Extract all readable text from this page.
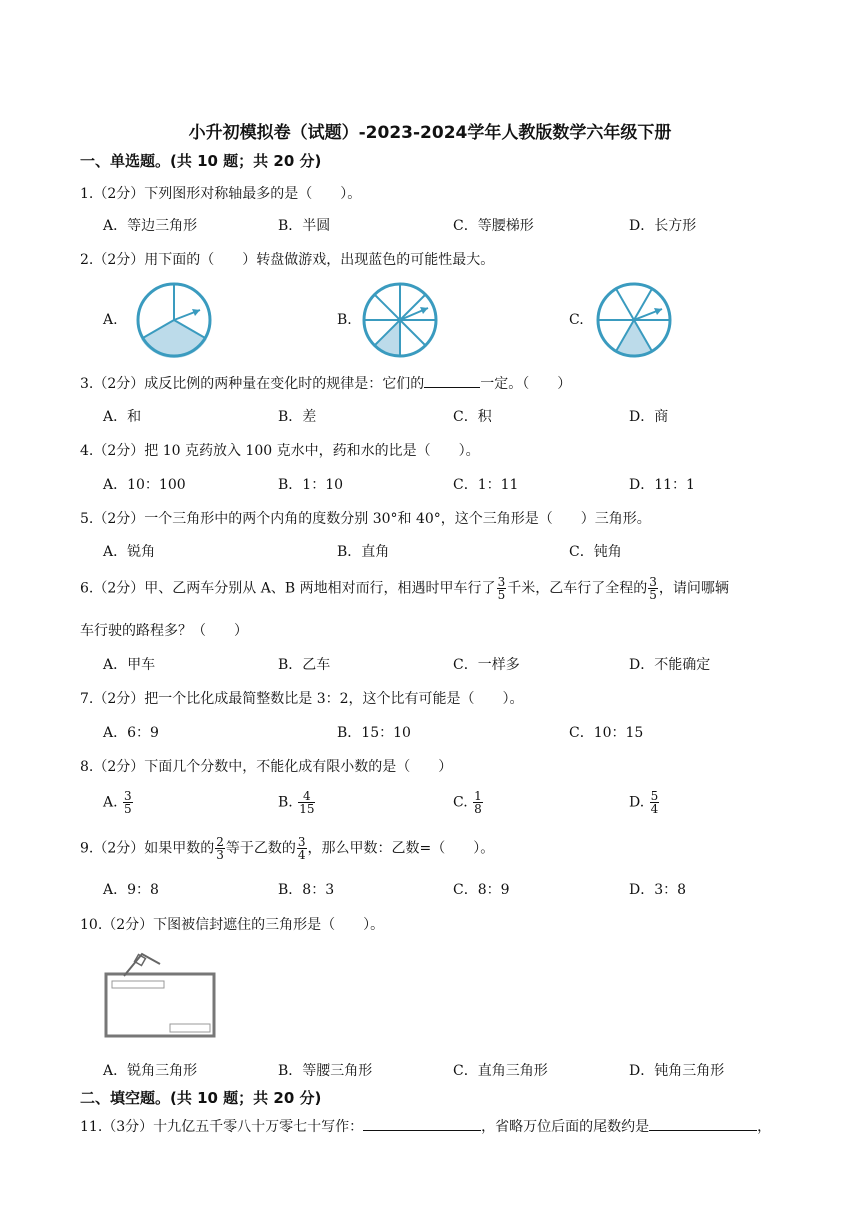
小升初模拟卷（试题）-2023-2024学年人教版数学六年级下册
一、单选题。(共 10 题；共 20 分)
1.（2分）下列图形对称轴最多的是（　　）。
A．等边三角形	B．半圆	C．等腰梯形	D．长方形
2.（2分）用下面的（　　）转盘做游戏，出现蓝色的可能性最大。
A.	B.	C.
3.（2分）成反比例的两种量在变化时的规律是：它们的	一定。（　　）
A．和	B．差	C．积	D．商
4.（2分）把 10 克药放入 100 克水中，药和水的比是（　　）。
A．10：100	B．1：10	C．1：11	D．11：1
5.（2分）一个三角形中的两个内角的度数分别 30°和 40°，这个三角形是（　　）三角形。
A．锐角	B．直角	C．钝角
6.（2分）甲、乙两车分别从 A、B 两地相对而行，相遇时甲车行了 $\frac{3}{5}$ 千米，乙车行了全程的 $\frac{3}{5}$ ，请问哪辆
车行驶的路程多？（　　）
A．甲车	B．乙车	C．一样多	D．不能确定
7.（2分）把一个比化成最简整数比是 3：2，这个比有可能是（　　）。
A．6：9	B．15：10	C．10：15
8.（2分）下面几个分数中，不能化成有限小数的是（　　）
A. $\frac{3}{5}$	B. $\frac{4}{15}$	C. $\frac{1}{8}$	D. $\frac{5}{4}$
9.（2分）如果甲数的 $\frac{2}{3}$ 等于乙数的 $\frac{3}{4}$ ，那么甲数：乙数=（　　）。
A．9：8	B．8：3	C．8：9	D．3：8
10.（2分）下图被信封遮住的三角形是（　　）。
A．锐角三角形	B．等腰三角形	C．直角三角形	D．钝角三角形
二、填空题。(共 10 题；共 20 分)
11.（3分）十九亿五千零八十万零七十写作：	，省略万位后面的尾数约是	，
